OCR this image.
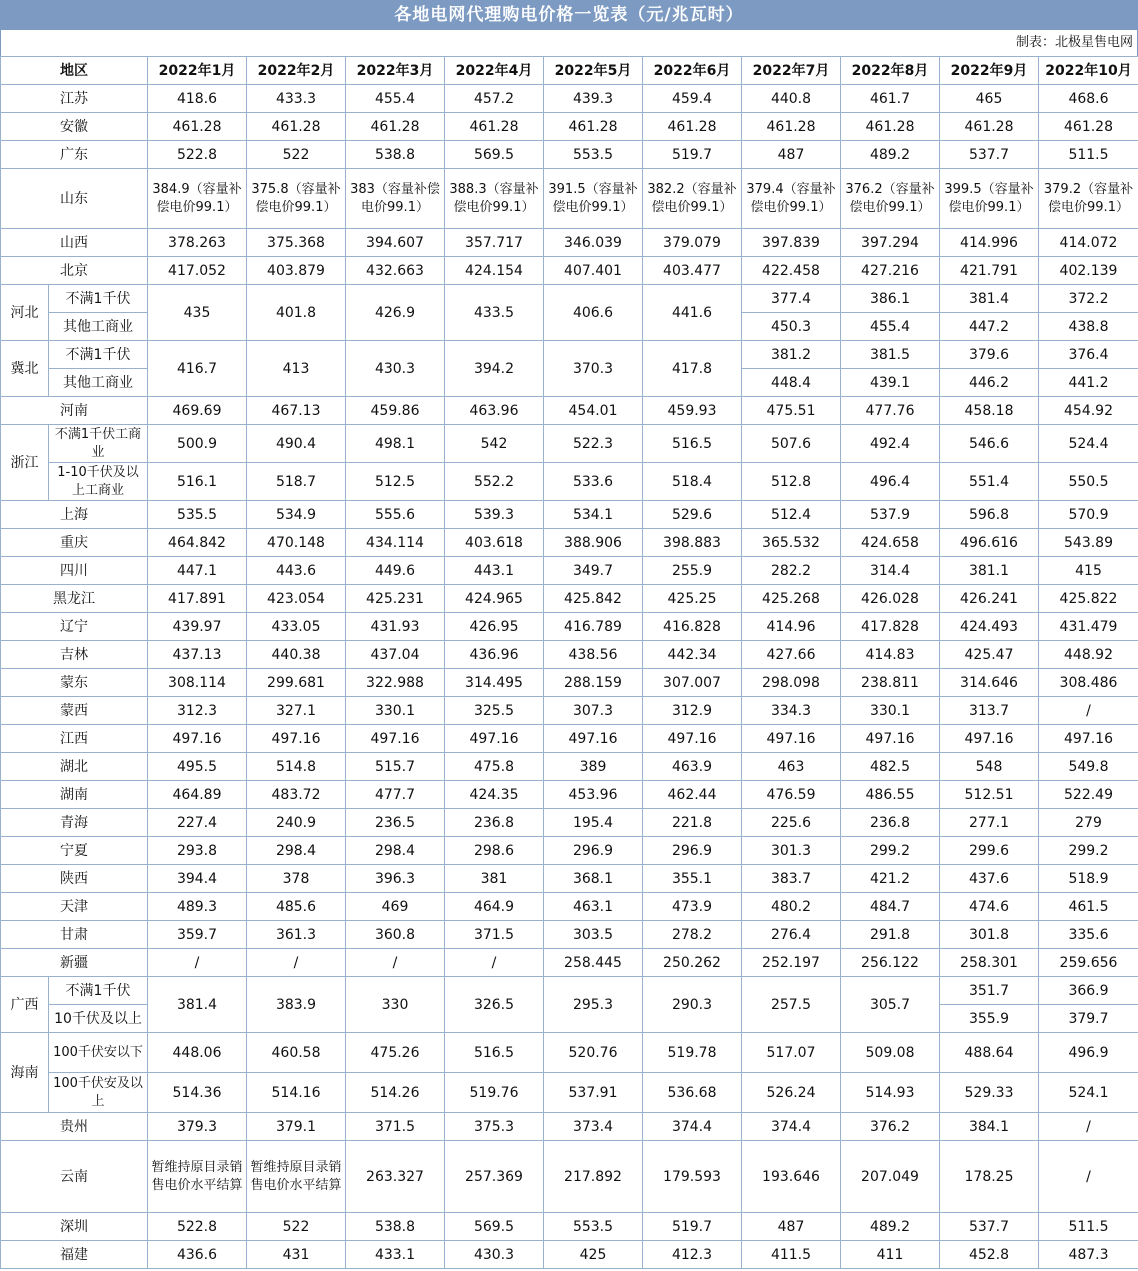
各地电网代理购电价格一览表（元/兆瓦时）
制表：北极星售电网
地区		2022年1月	2022年2月	2022年3月	2022年4月	2022年5月	2022年6月	2022年7月	2022年8月	2022年9月	2022年10月
江苏		418.6	433.3	455.4	457.2	439.3	459.4	440.8	461.7	465	468.6
安徽		461.28	461.28	461.28	461.28	461.28	461.28	461.28	461.28	461.28	461.28
广东		522.8	522	538.8	569.5	553.5	519.7	487	489.2	537.7	511.5
山东		384.9（容量补偿电价99.1）	375.8（容量补偿电价99.1）	383（容量补偿电价99.1）	388.3（容量补偿电价99.1）	391.5（容量补偿电价99.1）	382.2（容量补偿电价99.1）	379.4（容量补偿电价99.1）	376.2（容量补偿电价99.1）	399.5（容量补偿电价99.1）	379.2（容量补偿电价99.1）
山西		378.263	375.368	394.607	357.717	346.039	379.079	397.839	397.294	414.996	414.072
北京		417.052	403.879	432.663	424.154	407.401	403.477	422.458	427.216	421.791	402.139
河北	不满1千伏	435	401.8	426.9	433.5	406.6	441.6	377.4	386.1	381.4	372.2
	其他工商业							450.3	455.4	447.2	438.8
冀北	不满1千伏	416.7	413	430.3	394.2	370.3	417.8	381.2	381.5	379.6	376.4
	其他工商业							448.4	439.1	446.2	441.2
河南		469.69	467.13	459.86	463.96	454.01	459.93	475.51	477.76	458.18	454.92
浙江	不满1千伏工商业	500.9	490.4	498.1	542	522.3	516.5	507.6	492.4	546.6	524.4
	1-10千伏及以上工商业	516.1	518.7	512.5	552.2	533.6	518.4	512.8	496.4	551.4	550.5
上海		535.5	534.9	555.6	539.3	534.1	529.6	512.4	537.9	596.8	570.9
重庆		464.842	470.148	434.114	403.618	388.906	398.883	365.532	424.658	496.616	543.89
四川		447.1	443.6	449.6	443.1	349.7	255.9	282.2	314.4	381.1	415
黑龙江		417.891	423.054	425.231	424.965	425.842	425.25	425.268	426.028	426.241	425.822
辽宁		439.97	433.05	431.93	426.95	416.789	416.828	414.96	417.828	424.493	431.479
吉林		437.13	440.38	437.04	436.96	438.56	442.34	427.66	414.83	425.47	448.92
蒙东		308.114	299.681	322.988	314.495	288.159	307.007	298.098	238.811	314.646	308.486
蒙西		312.3	327.1	330.1	325.5	307.3	312.9	334.3	330.1	313.7	/
江西		497.16	497.16	497.16	497.16	497.16	497.16	497.16	497.16	497.16	497.16
湖北		495.5	514.8	515.7	475.8	389	463.9	463	482.5	548	549.8
湖南		464.89	483.72	477.7	424.35	453.96	462.44	476.59	486.55	512.51	522.49
青海		227.4	240.9	236.5	236.8	195.4	221.8	225.6	236.8	277.1	279
宁夏		293.8	298.4	298.4	298.6	296.9	296.9	301.3	299.2	299.6	299.2
陕西		394.4	378	396.3	381	368.1	355.1	383.7	421.2	437.6	518.9
天津		489.3	485.6	469	464.9	463.1	473.9	480.2	484.7	474.6	461.5
甘肃		359.7	361.3	360.8	371.5	303.5	278.2	276.4	291.8	301.8	335.6
新疆		/	/	/	/	258.445	250.262	252.197	256.122	258.301	259.656
广西	不满1千伏	381.4	383.9	330	326.5	295.3	290.3	257.5	305.7	351.7	366.9
	10千伏及以上									355.9	379.7
海南	100千伏安以下	448.06	460.58	475.26	516.5	520.76	519.78	517.07	509.08	488.64	496.9
	100千伏安及以上	514.36	514.16	514.26	519.76	537.91	536.68	526.24	514.93	529.33	524.1
贵州		379.3	379.1	371.5	375.3	373.4	374.4	374.4	376.2	384.1	/
云南		暂维持原目录销售电价水平结算	暂维持原目录销售电价水平结算	263.327	257.369	217.892	179.593	193.646	207.049	178.25	/
深圳		522.8	522	538.8	569.5	553.5	519.7	487	489.2	537.7	511.5
福建		436.6	431	433.1	430.3	425	412.3	411.5	411	452.8	487.3
